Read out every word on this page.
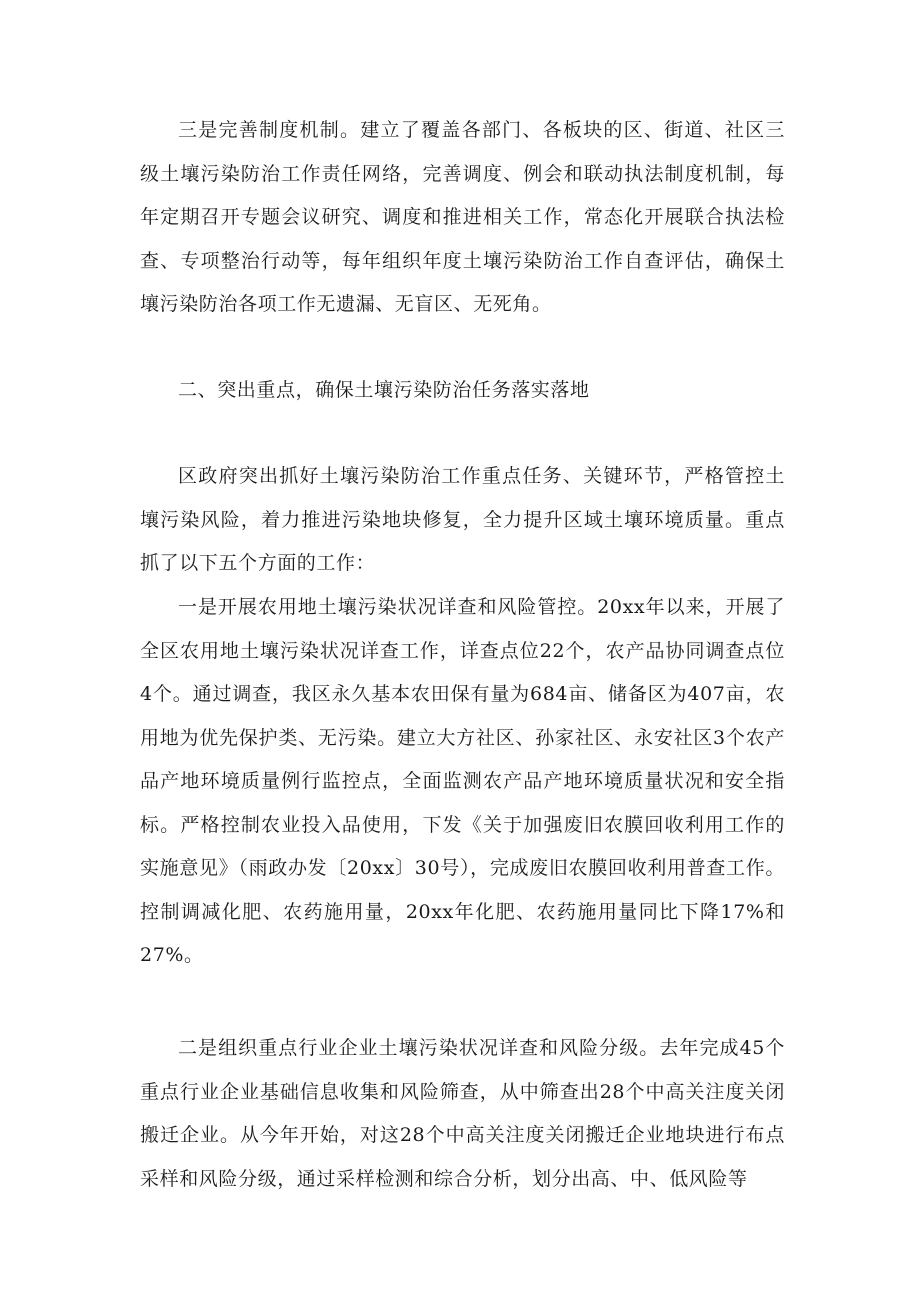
三是完善制度机制。建立了覆盖各部门、各板块的区、街道、社区三级土壤污染防治工作责任网络，完善调度、例会和联动执法制度机制，每年定期召开专题会议研究、调度和推进相关工作，常态化开展联合执法检查、专项整治行动等，每年组织年度土壤污染防治工作自查评估，确保土壤污染防治各项工作无遗漏、无盲区、无死角。

二、突出重点，确保土壤污染防治任务落实落地

区政府突出抓好土壤污染防治工作重点任务、关键环节，严格管控土壤污染风险，着力推进污染地块修复，全力提升区域土壤环境质量。重点抓了以下五个方面的工作：

一是开展农用地土壤污染状况详查和风险管控。20xx年以来，开展了全区农用地土壤污染状况详查工作，详查点位22个，农产品协同调查点位4个。通过调查，我区永久基本农田保有量为684亩、储备区为407亩，农用地为优先保护类、无污染。建立大方社区、孙家社区、永安社区3个农产品产地环境质量例行监控点，全面监测农产品产地环境质量状况和安全指标。严格控制农业投入品使用，下发《关于加强废旧农膜回收利用工作的实施意见》（雨政办发〔20xx〕30号），完成废旧农膜回收利用普查工作。控制调减化肥、农药施用量，20xx年化肥、农药施用量同比下降17%和27%。

二是组织重点行业企业土壤污染状况详查和风险分级。去年完成45个重点行业企业基础信息收集和风险筛查，从中筛查出28个中高关注度关闭搬迁企业。从今年开始，对这28个中高关注度关闭搬迁企业地块进行布点采样和风险分级，通过采样检测和综合分析，划分出高、中、低风险等
